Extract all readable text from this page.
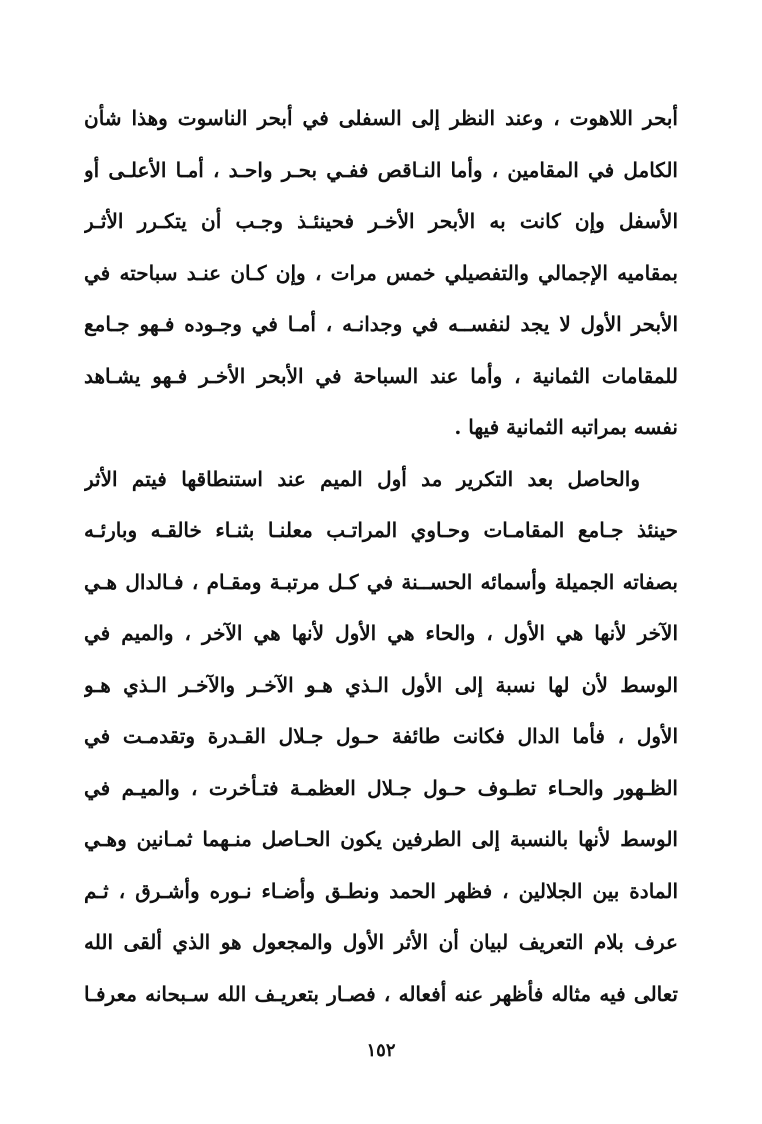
أبحر اللاهوت ، وعند النظر إلى السفلى في أبحر الناسوت وهذا شأن
الكامل في المقامين ، وأما النـاقص ففـي بحـر واحـد ، أمـا الأعلـى أو
الأسفل وإن كانت به الأبحر الأخـر فحينئـذ وجـب أن يتكـرر الأثـر
بمقاميه الإجمالي والتفصيلي خمس مرات ، وإن كـان عنـد سباحته في
الأبحر الأول لا يجد لنفســه في وجدانـه ، أمـا في وجـوده فـهو جـامع
للمقامات الثمانية ، وأما عند السباحة في الأبحر الأخـر فـهو يشـاهد
نفسه بمراتبه الثمانية فيها .
والحاصل بعد التكرير مد أول الميم عند استنطاقها فيتم الأثر
حينئذ جـامع المقامـات وحـاوي المراتـب معلنـا بثنـاء خالقـه وبارئـه
بصفاته الجميلة وأسمائه الحســنة في كـل مرتبـة ومقـام ، فـالدال هـي
الآخر لأنها هي الأول ، والحاء هي الأول لأنها هي الآخر ، والميم في
الوسط لأن لها نسبة إلى الأول الـذي هـو الآخـر والآخـر الـذي هـو
الأول ، فأما الدال فكانت طائفة حـول جـلال القـدرة وتقدمـت في
الظـهور والحـاء تطـوف حـول جـلال العظمـة فتـأخرت ، والميـم في
الوسط لأنها بالنسبة إلى الطرفين يكون الحـاصل منـهما ثمـانين وهـي
المادة بين الجلالين ، فظهر الحمد ونطـق وأضـاء نـوره وأشـرق ، ثـم
عرف بلام التعريف لبيان أن الأثر الأول والمجعول هو الذي ألقى الله
تعالى فيه مثاله فأظهر عنه أفعاله ، فصـار بتعريـف الله سـبحانه معرفـا
١٥٢
